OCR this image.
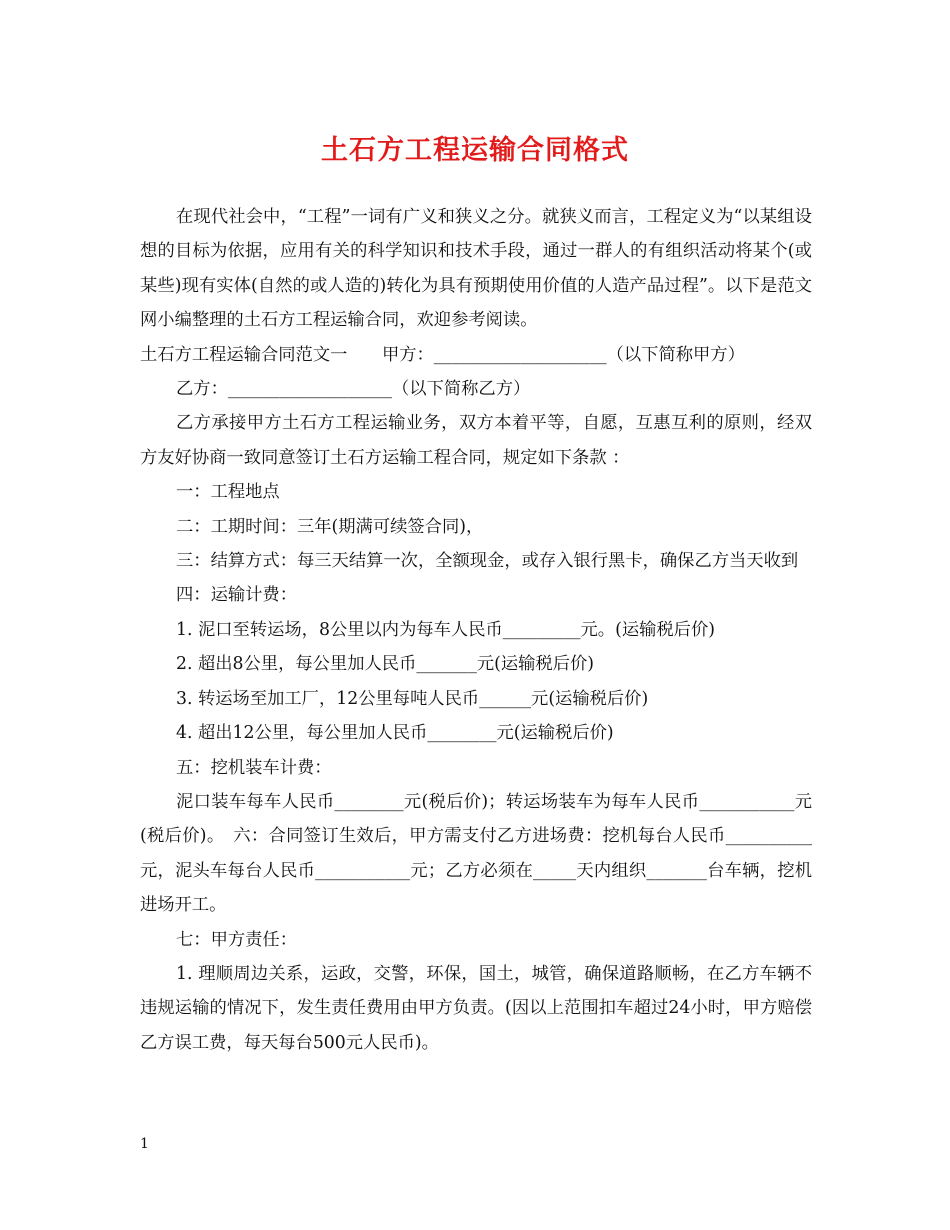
土石方工程运输合同格式

在现代社会中，“工程”一词有广义和狭义之分。就狭义而言，工程定义为“以某组设想的目标为依据，应用有关的科学知识和技术手段，通过一群人的有组织活动将某个(或某些)现有实体(自然的或人造的)转化为具有预期使用价值的人造产品过程”。以下是范文网小编整理的土石方工程运输合同，欢迎参考阅读。

土石方工程运输合同范文一　　甲方：____________________（以下简称甲方）

乙方：___________________（以下简称乙方）

乙方承接甲方土石方工程运输业务，双方本着平等，自愿，互惠互利的原则，经双方友好协商一致同意签订土石方运输工程合同，规定如下条款 ：

一：工程地点

二：工期时间：三年(期满可续签合同)，

三：结算方式：每三天结算一次，全额现金，或存入银行黑卡，确保乙方当天收到

四：运输计费：

1. 泥口至转运场，8公里以内为每车人民币_________元。(运输税后价)

2. 超出8公里，每公里加人民币_______元(运输税后价)

3. 转运场至加工厂，12公里每吨人民币______元(运输税后价)

4. 超出12公里，每公里加人民币________元(运输税后价)

五：挖机装车计费：

泥口装车每车人民币________元(税后价)；转运场装车为每车人民币___________元(税后价)。　六：合同签订生效后，甲方需支付乙方进场费：挖机每台人民币__________元，泥头车每台人民币___________元；乙方必须在_____天内组织_______台车辆，挖机进场开工。

七：甲方责任：

1. 理顺周边关系，运政，交警，环保，国土，城管，确保道路顺畅，在乙方车辆不违规运输的情况下，发生责任费用由甲方负责。(因以上范围扣车超过24小时，甲方赔偿乙方误工费，每天每台500元人民币)。

1
